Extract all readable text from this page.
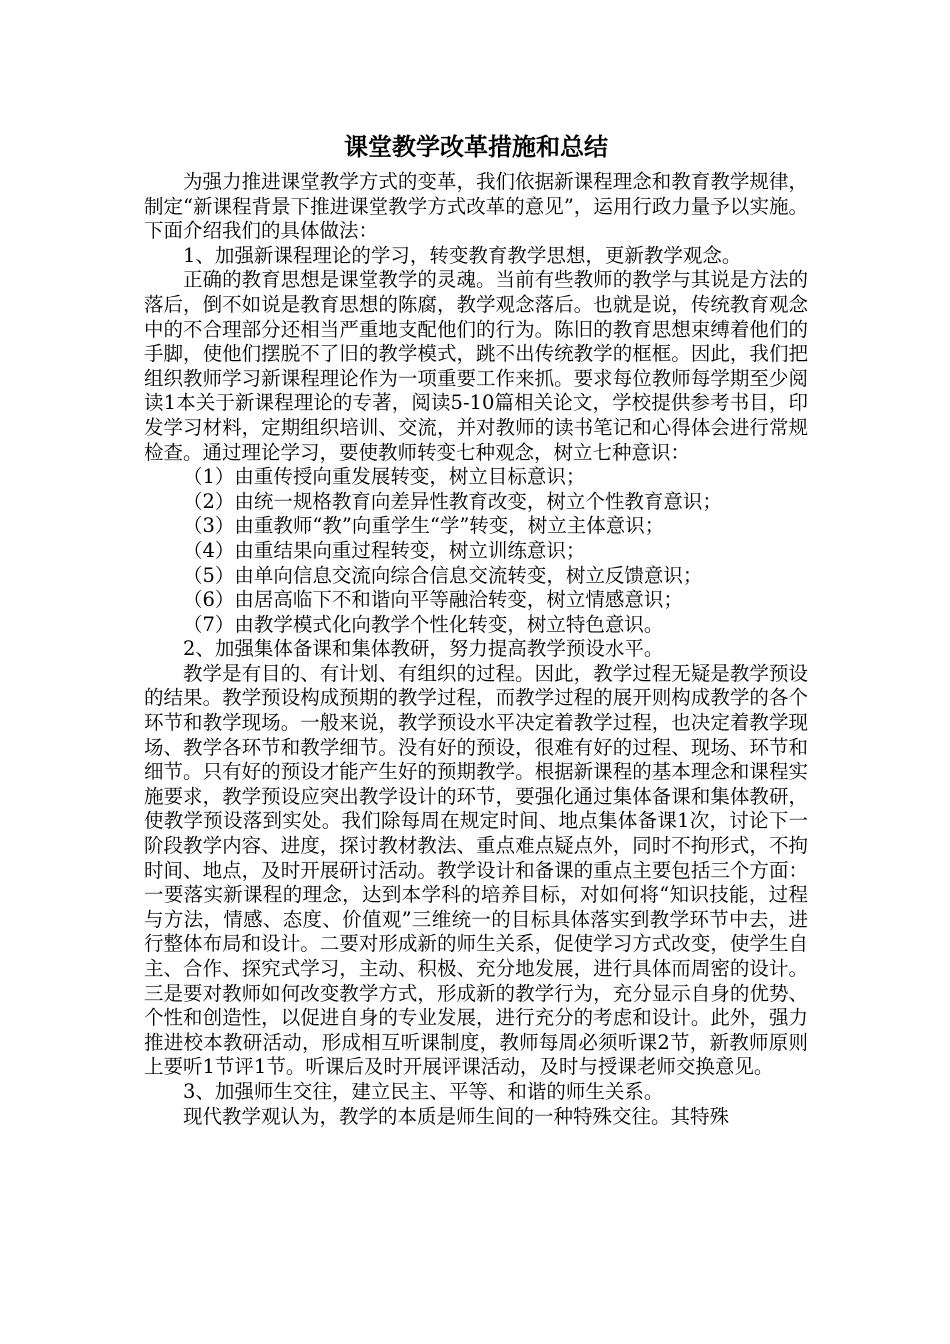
课堂教学改革措施和总结

为强力推进课堂教学方式的变革，我们依据新课程理念和教育教学规律，制定“新课程背景下推进课堂教学方式改革的意见”，运用行政力量予以实施。下面介绍我们的具体做法：

1、加强新课程理论的学习，转变教育教学思想，更新教学观念。

正确的教育思想是课堂教学的灵魂。当前有些教师的教学与其说是方法的落后，倒不如说是教育思想的陈腐，教学观念落后。也就是说，传统教育观念中的不合理部分还相当严重地支配他们的行为。陈旧的教育思想束缚着他们的手脚，使他们摆脱不了旧的教学模式，跳不出传统教学的框框。因此，我们把组织教师学习新课程理论作为一项重要工作来抓。要求每位教师每学期至少阅读1本关于新课程理论的专著，阅读5-10篇相关论文，学校提供参考书目，印发学习材料，定期组织培训、交流，并对教师的读书笔记和心得体会进行常规检查。通过理论学习，要使教师转变七种观念，树立七种意识：

（1）由重传授向重发展转变，树立目标意识；

（2）由统一规格教育向差异性教育改变，树立个性教育意识；

（3）由重教师“教”向重学生“学”转变，树立主体意识；

（4）由重结果向重过程转变，树立训练意识；

（5）由单向信息交流向综合信息交流转变，树立反馈意识；

（6）由居高临下不和谐向平等融洽转变，树立情感意识；

（7）由教学模式化向教学个性化转变，树立特色意识。

2、加强集体备课和集体教研，努力提高教学预设水平。

教学是有目的、有计划、有组织的过程。因此，教学过程无疑是教学预设的结果。教学预设构成预期的教学过程，而教学过程的展开则构成教学的各个环节和教学现场。一般来说，教学预设水平决定着教学过程，也决定着教学现场、教学各环节和教学细节。没有好的预设，很难有好的过程、现场、环节和细节。只有好的预设才能产生好的预期教学。根据新课程的基本理念和课程实施要求，教学预设应突出教学设计的环节，要强化通过集体备课和集体教研，使教学预设落到实处。我们除每周在规定时间、地点集体备课1次，讨论下一阶段教学内容、进度，探讨教材教法、重点难点疑点外，同时不拘形式，不拘时间、地点，及时开展研讨活动。教学设计和备课的重点主要包括三个方面：一要落实新课程的理念，达到本学科的培养目标，对如何将“知识技能，过程与方法，情感、态度、价值观”三维统一的目标具体落实到教学环节中去，进行整体布局和设计。二要对形成新的师生关系，促使学习方式改变，使学生自主、合作、探究式学习，主动、积极、充分地发展，进行具体而周密的设计。三是要对教师如何改变教学方式，形成新的教学行为，充分显示自身的优势、个性和创造性，以促进自身的专业发展，进行充分的考虑和设计。此外，强力推进校本教研活动，形成相互听课制度，教师每周必须听课2节，新教师原则上要听1节评1节。听课后及时开展评课活动，及时与授课老师交换意见。

3、加强师生交往，建立民主、平等、和谐的师生关系。

现代教学观认为，教学的本质是师生间的一种特殊交往。其特殊
